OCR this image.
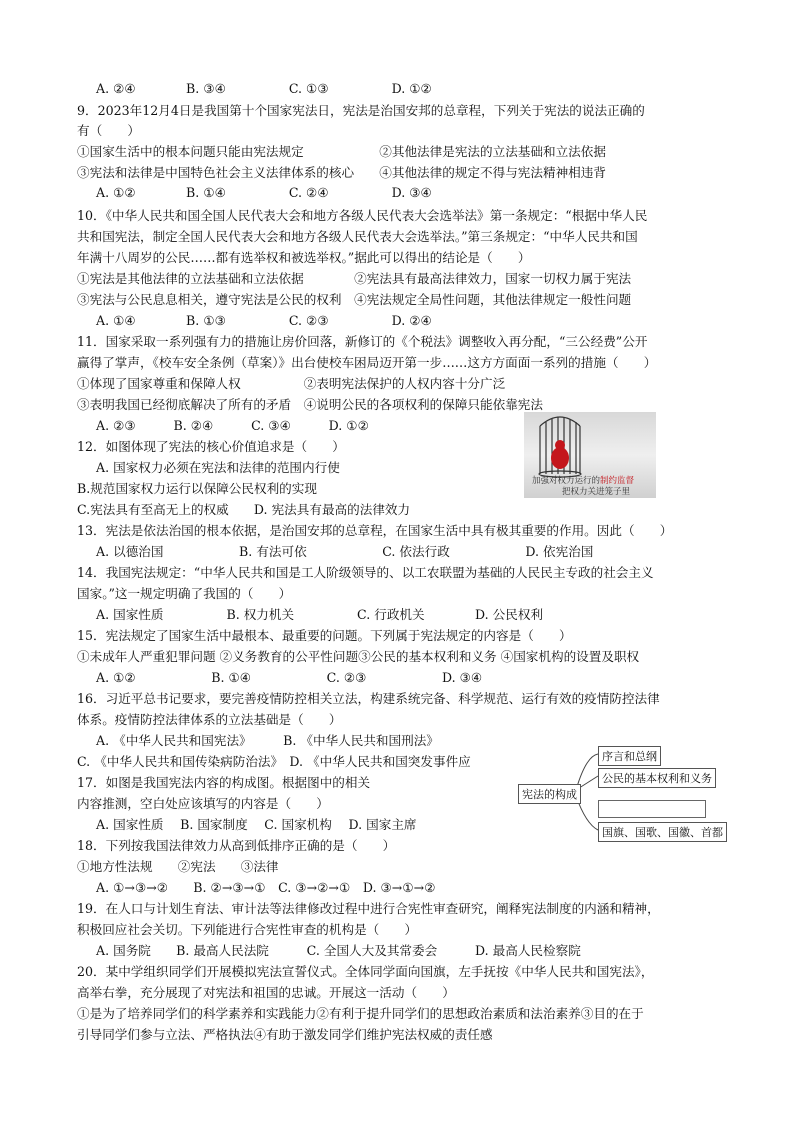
A. ②④　　　　B. ③④　　　　　C. ①③　　　　　D. ①②
9．2023年12月4日是我国第十个国家宪法日，宪法是治国安邦的总章程，下列关于宪法的说法正确的
有（　　）
①国家生活中的根本问题只能由宪法规定　　　　　　②其他法律是宪法的立法基础和立法依据
③宪法和法律是中国特色社会主义法律体系的核心　　④其他法律的规定不得与宪法精神相违背
A. ①②　　　　B. ①④　　　　　C. ②④　　　　　D. ③④
10．《中华人民共和国全国人民代表大会和地方各级人民代表大会选举法》第一条规定：“根据中华人民
共和国宪法，制定全国人民代表大会和地方各级人民代表大会选举法。”第三条规定：“中华人民共和国
年满十八周岁的公民……都有选举权和被选举权。”据此可以得出的结论是（　　）
①宪法是其他法律的立法基础和立法依据　　　　②宪法具有最高法律效力，国家一切权力属于宪法
③宪法与公民息息相关，遵守宪法是公民的权利　④宪法规定全局性问题，其他法律规定一般性问题
A. ①④　　　　B. ①③　　　　　C. ②③　　　　　D. ②④
11．国家采取一系列强有力的措施让房价回落，新修订的《个税法》调整收入再分配，“三公经费”公开
赢得了掌声，《校车安全条例（草案）》出台使校车困局迈开第一步……这方方面面一系列的措施（　　）
①体现了国家尊重和保障人权　　　　　②表明宪法保护的人权内容十分广泛
③表明我国已经彻底解决了所有的矛盾　④说明公民的各项权利的保障只能依靠宪法
A. ②③　　　B. ②④　　　C. ③④　　　D. ①②
12．如图体现了宪法的核心价值追求是（　　）
A. 国家权力必须在宪法和法律的范围内行使
B.规范国家权力运行以保障公民权利的实现
C.宪法具有至高无上的权威　　D. 宪法具有最高的法律效力
13．宪法是依法治国的根本依据，是治国安邦的总章程，在国家生活中具有极其重要的作用。因此（　　）
A. 以德治国　　　　　　B. 有法可依　　　　　　C. 依法行政　　　　　　D. 依宪治国
14．我国宪法规定：“中华人民共和国是工人阶级领导的、以工农联盟为基础的人民民主专政的社会主义
国家。”这一规定明确了我国的（　　）
A. 国家性质　　　　　B. 权力机关　　　　　C. 行政机关　　　　D. 公民权利
15．宪法规定了国家生活中最根本、最重要的问题。下列属于宪法规定的内容是（　　）
①未成年人严重犯罪问题 ②义务教育的公平性问题③公民的基本权利和义务 ④国家机构的设置及职权
A. ①②　　　　　　B. ①④　　　　　　C. ②③　　　　　　D. ③④
16．习近平总书记要求，要完善疫情防控相关立法，构建系统完备、科学规范、运行有效的疫情防控法律
体系。疫情防控法律体系的立法基础是（　　）
A. 《中华人民共和国宪法》　　　B. 《中华人民共和国刑法》
C. 《中华人民共和国传染病防治法》　D. 《中华人民共和国突发事件应
17．如图是我国宪法内容的构成图。根据图中的相关
内容推测，空白处应该填写的内容是（　　）
A. 国家性质　 B. 国家制度　 C. 国家机构　 D. 国家主席
18．下列按我国法律效力从高到低排序正确的是（　　）
①地方性法规　　②宪法　　③法律
A. ①→③→②　　B. ②→③→①　C. ③→②→①　D. ③→①→②
19．在人口与计划生育法、审计法等法律修改过程中进行合宪性审查研究，阐释宪法制度的内涵和精神，
积极回应社会关切。下列能进行合宪性审查的机构是（　　）
A. 国务院　　B. 最高人民法院　　　C. 全国人大及其常委会　　　D. 最高人民检察院
20．某中学组织同学们开展模拟宪法宣誓仪式。全体同学面向国旗，左手抚按《中华人民共和国宪法》，
高举右拳，充分展现了对宪法和祖国的忠诚。开展这一活动（　　）
①是为了培养同学们的科学素养和实践能力②有利于提升同学们的思想政治素质和法治素养③目的在于
引导同学们参与立法、严格执法④有助于激发同学们维护宪法权威的责任感
加强对权力运行的制约监督
把权力关进笼子里
宪法的构成
序言和总纲
公民的基本权利和义务
国旗、国歌、国徽、首都
